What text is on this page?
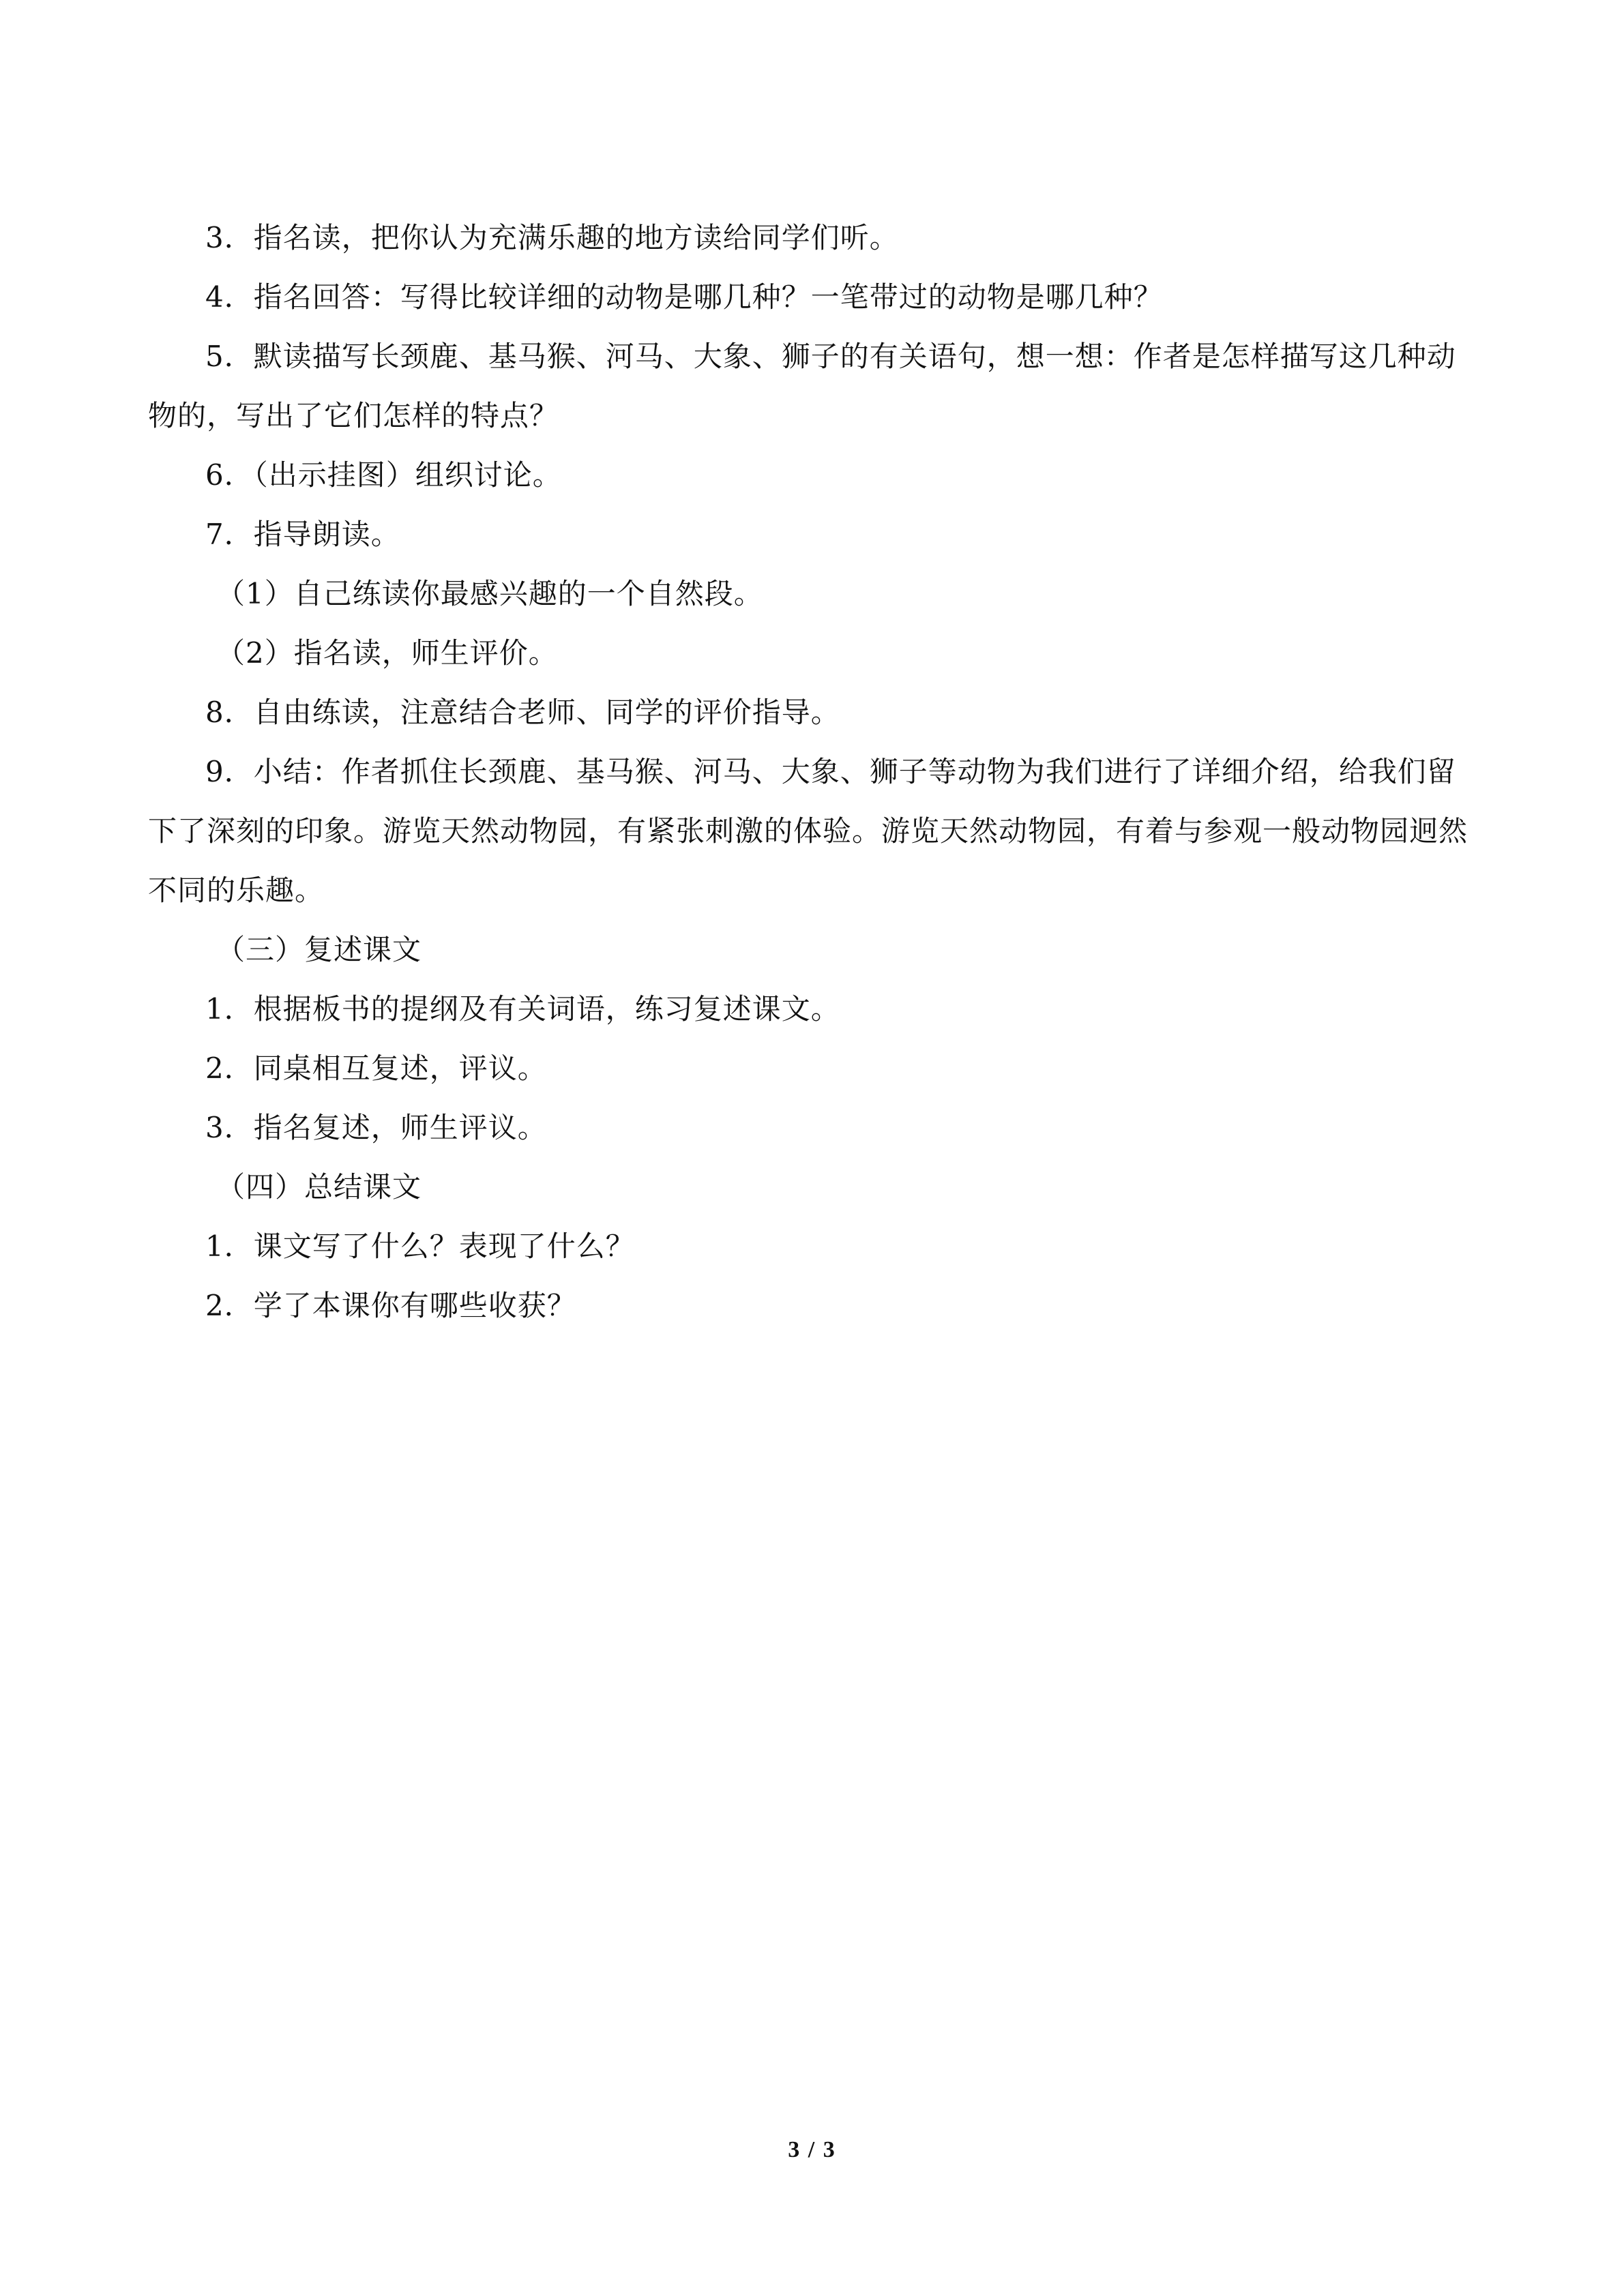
3．指名读，把你认为充满乐趣的地方读给同学们听。

4．指名回答：写得比较详细的动物是哪几种？一笔带过的动物是哪几种？

5．默读描写长颈鹿、基马猴、河马、大象、狮子的有关语句，想一想：作者是怎样描写这几种动物的，写出了它们怎样的特点？

6．（出示挂图）组织讨论。

7．指导朗读。

（1）自己练读你最感兴趣的一个自然段。

（2）指名读，师生评价。

8．自由练读，注意结合老师、同学的评价指导。

9．小结：作者抓住长颈鹿、基马猴、河马、大象、狮子等动物为我们进行了详细介绍，给我们留下了深刻的印象。游览天然动物园，有紧张刺激的体验。游览天然动物园，有着与参观一般动物园迥然不同的乐趣。

（三）复述课文

1．根据板书的提纲及有关词语，练习复述课文。

2．同桌相互复述，评议。

3．指名复述，师生评议。

（四）总结课文

1．课文写了什么？表现了什么？

2．学了本课你有哪些收获？

3 / 3
